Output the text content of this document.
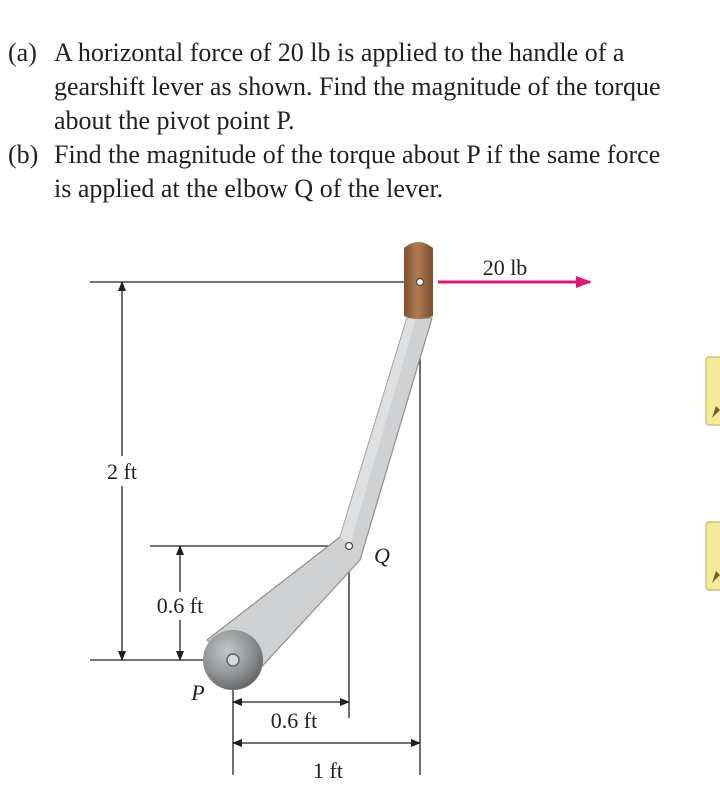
(a) A horizontal force of 20 lb is applied to the handle of a
gearshift lever as shown. Find the magnitude of the torque
about the pivot point P.
(b) Find the magnitude of the torque about P if the same force
is applied at the elbow Q of the lever.
2 ft
0.6 ft
20 lb
0.6 ft
1 ft
P
Q
